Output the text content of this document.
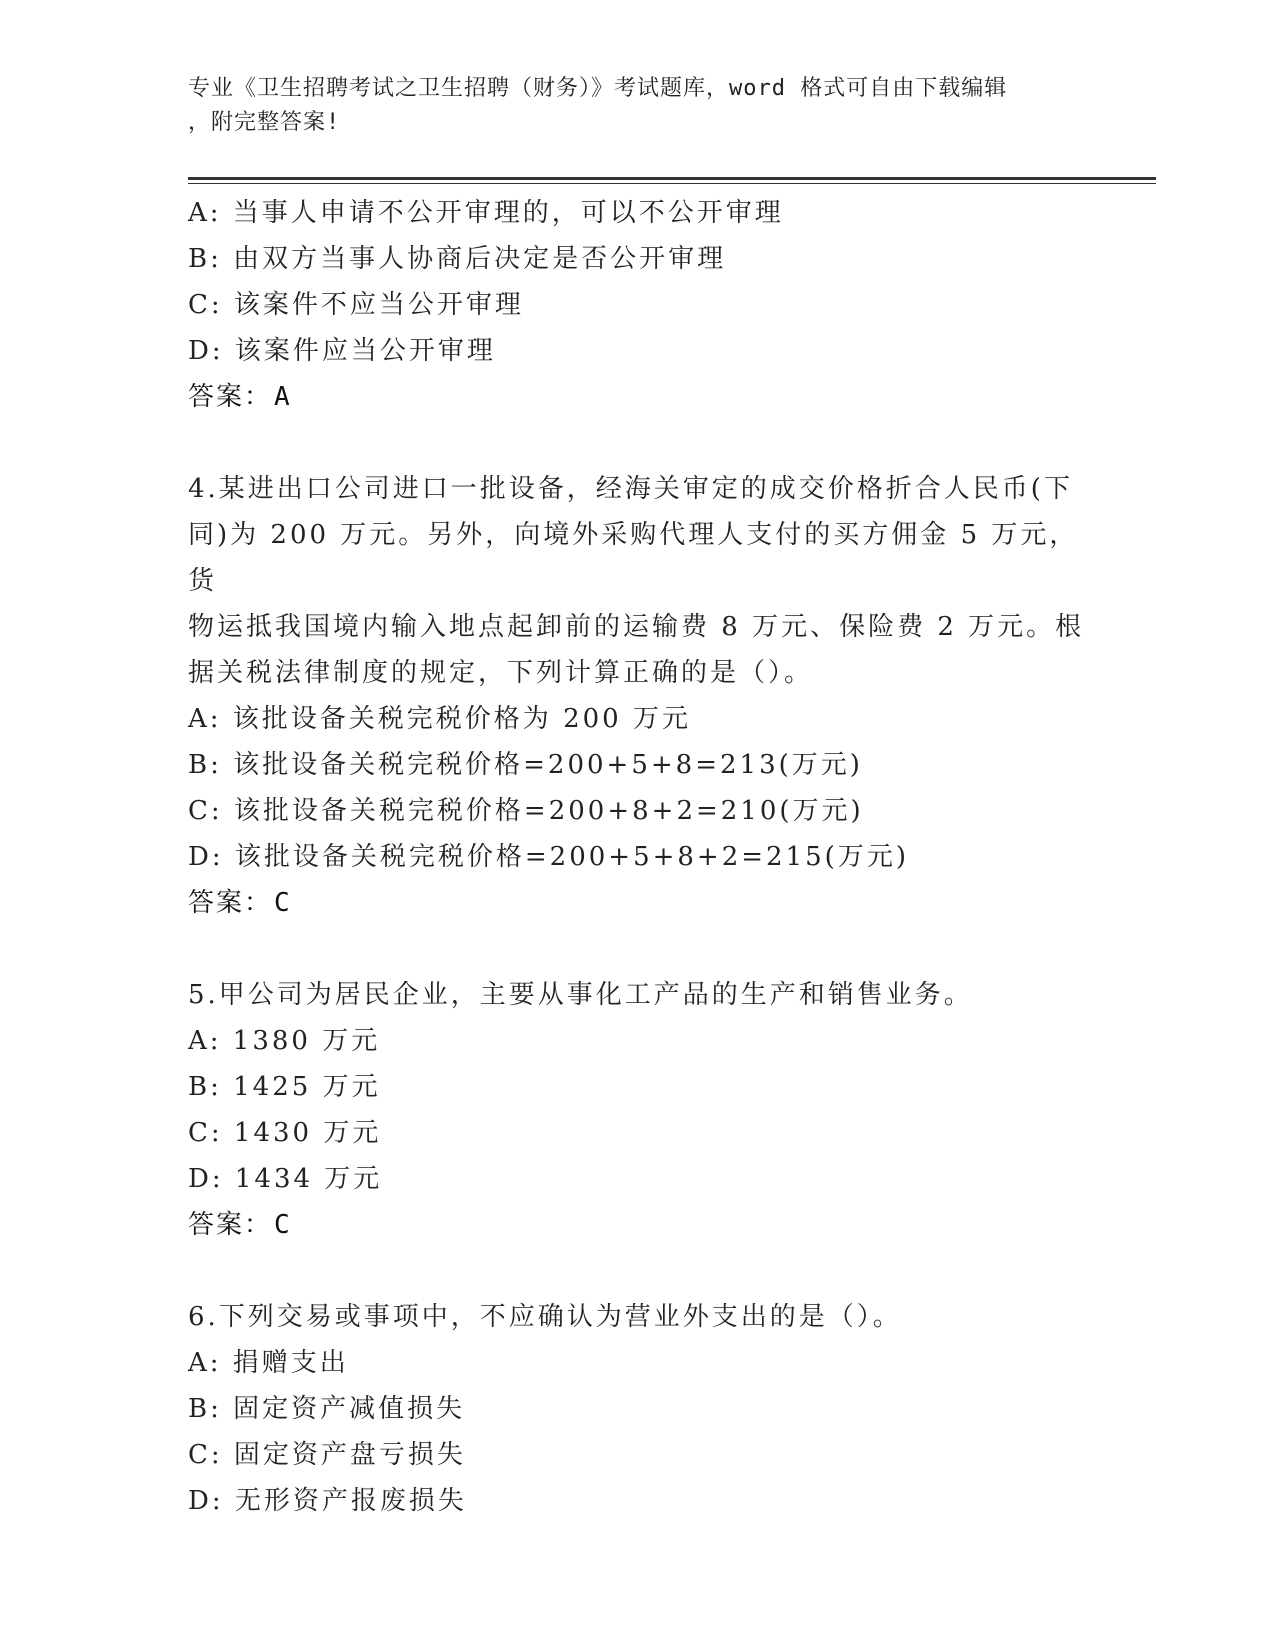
专业《卫生招聘考试之卫生招聘（财务）》考试题库，word 格式可自由下载编辑
，附完整答案!
A: 当事人申请不公开审理的，可以不公开审理
B: 由双方当事人协商后决定是否公开审理
C: 该案件不应当公开审理
D: 该案件应当公开审理
答案：A
4.某进出口公司进口一批设备，经海关审定的成交价格折合人民币(下
同)为 200 万元。另外，向境外采购代理人支付的买方佣金 5 万元，货
物运抵我国境内输入地点起卸前的运输费 8 万元、保险费 2 万元。根
据关税法律制度的规定，下列计算正确的是（）。
A: 该批设备关税完税价格为 200 万元
B: 该批设备关税完税价格=200+5+8=213(万元)
C: 该批设备关税完税价格=200+8+2=210(万元)
D: 该批设备关税完税价格=200+5+8+2=215(万元)
答案：C
5.甲公司为居民企业，主要从事化工产品的生产和销售业务。
A: 1380 万元
B: 1425 万元
C: 1430 万元
D: 1434 万元
答案：C
6.下列交易或事项中，不应确认为营业外支出的是（）。
A: 捐赠支出
B: 固定资产减值损失
C: 固定资产盘亏损失
D: 无形资产报废损失
